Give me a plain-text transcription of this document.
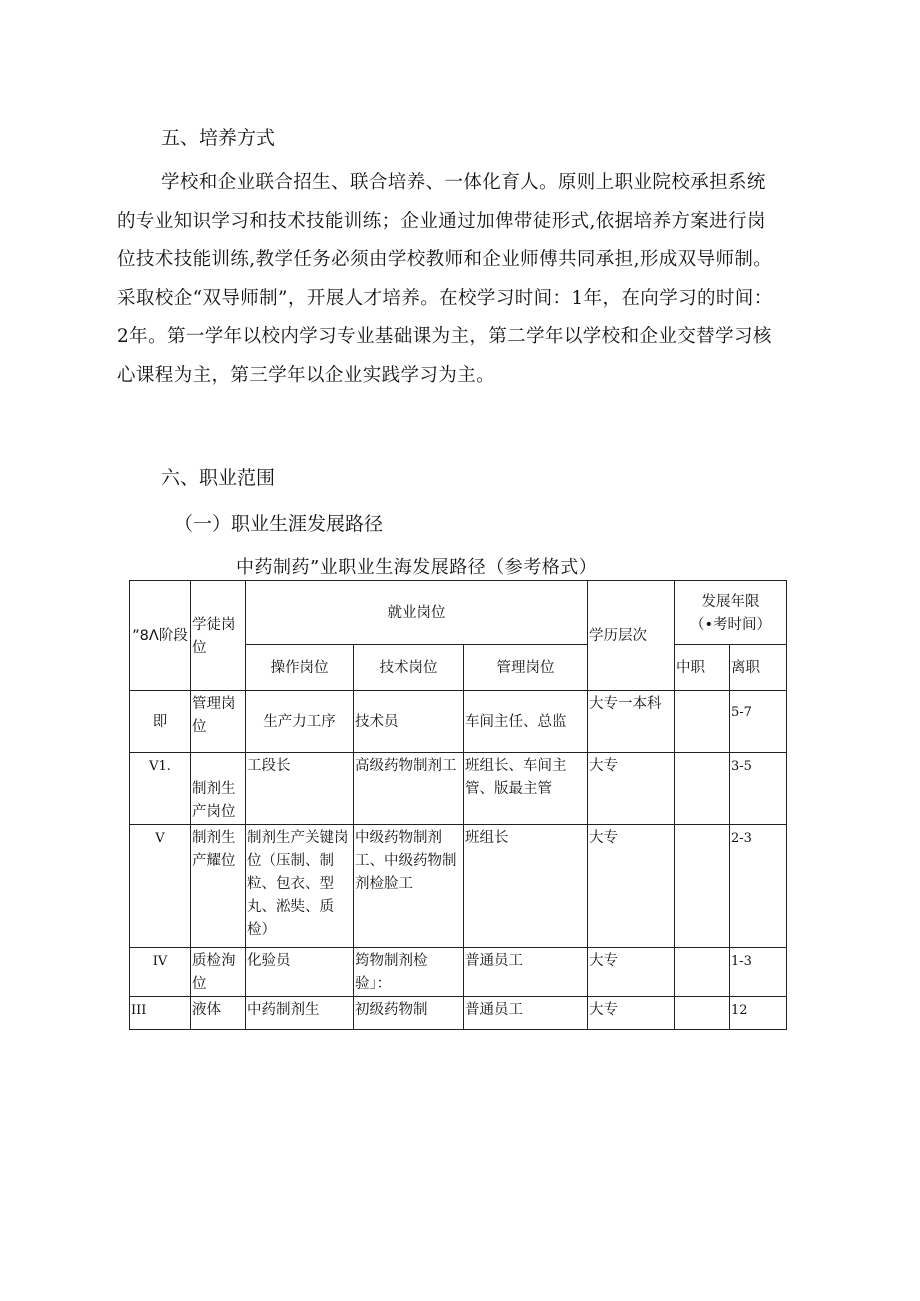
五、培养方式

学校和企业联合招生、联合培养、一体化育人。原则上职业院校承担系统

的专业知识学习和技术技能训练；企业通过加俾带徒形式,依据培养方案进行岗

位技术技能训练,教学任务必须由学校教师和企业师傅共同承担,形成双导师制。

采取校企“双导师制”，开展人才培养。在校学习时间：1年，在向学习的时间：

2年。第一学年以校内学习专业基础课为主，第二学年以学校和企业交替学习核

心课程为主，第三学年以企业实践学习为主。

六、职业范围
（一）职业生涯发展路径
中药制药”业职业生海发展路径（参考格式）
”8Λ阶段	学徒岗位	就业岗位			学历层次	发展年限
（•考时间）	

		操作岗位	技术岗位	管理岗位		中职	离职
即	管理岗位	生产力工序	技术员	车间主任、总监	大专一本科		5-7
V1.	制剂生产岗位	工段长	高级药物制剂工	班组长、车间主管、版最主管	大专		3-5
V	制剂生产耀位	制剂生产关键岗位（压制、制粒、包衣、型丸、淞奘、质检）	中级药物制剂工、中级药物制剂检脸工	班组长	大专		2-3
IV	质检洵位	化验员	筠物制剂检验」：	普通员工	大专		1-3
III	液体	中药制剂生	初级药物制	普通员工	大专		12
